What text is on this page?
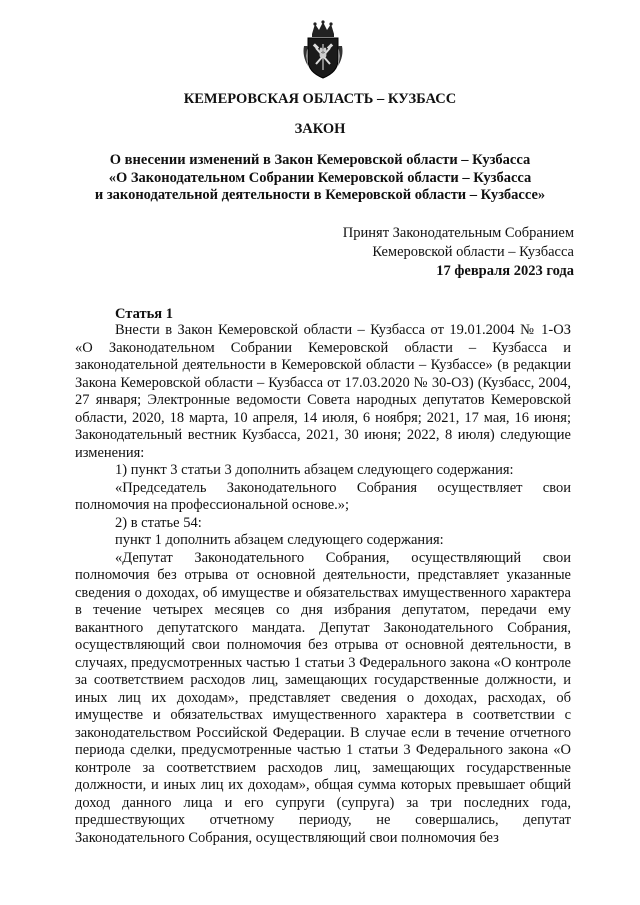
КЕМЕРОВСКАЯ ОБЛАСТЬ – КУЗБАСС
ЗАКОН
О внесении изменений в Закон Кемеровской области – Кузбасса
«О Законодательном Собрании Кемеровской области – Кузбасса
и законодательной деятельности в Кемеровской области – Кузбассе»
Принят Законодательным Собранием
Кемеровской области – Кузбасса
17 февраля 2023 года
Статья 1

Внести в Закон Кемеровской области – Кузбасса от 19.01.2004 № 1-ОЗ «О Законодательном Собрании Кемеровской области – Кузбасса и законодательной деятельности в Кемеровской области – Кузбассе» (в редакции Закона Кемеровской области – Кузбасса от 17.03.2020 № 30-ОЗ) (Кузбасс, 2004, 27 января; Электронные ведомости Совета народных депутатов Кемеровской области, 2020, 18 марта, 10 апреля, 14 июля, 6 ноября; 2021, 17 мая, 16 июня; Законодательный вестник Кузбасса, 2021, 30 июня; 2022, 8 июля) следующие изменения:

1) пункт 3 статьи 3 дополнить абзацем следующего содержания:

«Председатель Законодательного Собрания осуществляет свои полномочия на профессиональной основе.»;

2) в статье 54:

пункт 1 дополнить абзацем следующего содержания:

«Депутат Законодательного Собрания, осуществляющий свои полномочия без отрыва от основной деятельности, представляет указанные сведения о доходах, об имуществе и обязательствах имущественного характера в течение четырех месяцев со дня избрания депутатом, передачи ему вакантного депутатского мандата. Депутат Законодательного Собрания, осуществляющий свои полномочия без отрыва от основной деятельности, в случаях, предусмотренных частью 1 статьи 3 Федерального закона «О контроле за соответствием расходов лиц, замещающих государственные должности, и иных лиц их доходам», представляет сведения о доходах, расходах, об имуществе и обязательствах имущественного характера в соответствии с законодательством Российской Федерации. В случае если в течение отчетного периода сделки, предусмотренные частью 1 статьи 3 Федерального закона «О контроле за соответствием расходов лиц, замещающих государственные должности, и иных лиц их доходам», общая сумма которых превышает общий доход данного лица и его супруги (супруга) за три последних года, предшествующих отчетному периоду, не совершались, депутат Законодательного Собрания, осуществляющий свои полномочия без
